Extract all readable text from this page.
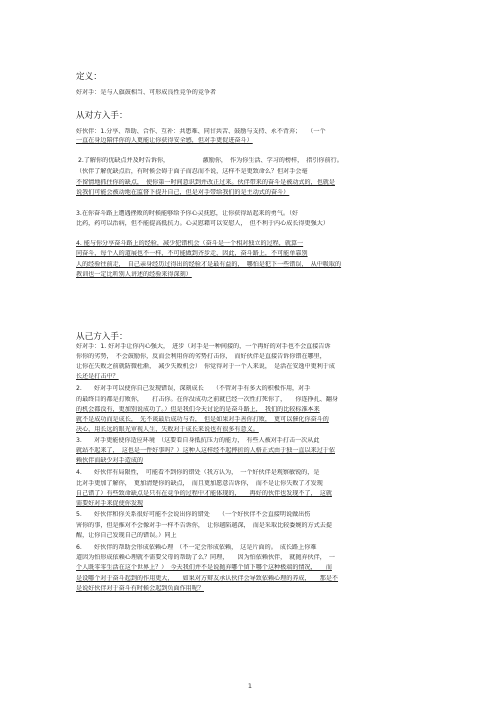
定义：
好对手：是与人旗鼓相当、可形成良性竞争的竞争者
从对方入手：
好伙伴：1.分享、帮助、合作、互补：共患难、同甘共苦、鼓励与支持、永不背弃；　　（一个
一直在身边陪伴你的人更能让你获得安全感，但对手更促进奋斗）
2.了解你的优缺点并及时告诉你，　　　　　　激励你，　作为你生活、学习的榜样，　指引你前行。
（伙伴了解优缺点后，有时候会碍于面子而忍而不说，这样不是更致命么？但对手会毫
不留情地抓住你的缺点，　使你第一时间意识到并改正过来。伙伴带来的奋斗是被动式的，也就是
说我们可能会被动地在监督下提升自己，但是对手带给我们的是主动式的奋斗）
3.在你奋斗路上遭遇挫败的时候能够给予你心灵抚慰，让你获得站起来的勇气。（好
比药，药可以治病，但不能提高抵抗力。心灵慰藉可以安慰人，　但不利于内心成长得更强大）
4. 能与你分享奋斗路上的经验，减少犯错机会（奋斗是一个相对独立的过程，就算一
同奋斗，每个人的道展也不一样，不可能做到齐步走，因此，奋斗路上，不可能单靠别
人的经验往前走，　自己亲身经历过得出的经验才是最有益的，　哪怕是犯下一些错误，　从中吸取的
教训也一定比听别人讲述的经验来得深刻）
从己方入手：
好对手：1. 好对手让你内心强大，　进步（对手是一种间接的，一个再好的对手也不会直接告诉
你你的劣势，　不会鼓励你，反而会利用你的劣势打击你，　而好伙伴是直接告诉你错在哪里，
让你在失败之前就防微杜渐，　减少失败机会）　你觉得对于一个人来说，　是活在安逸中更利于成
长还是打击中？
2.　　好对手可以使你自己发现错误，深刻成长　　（不管对手有多大的积极作用，对手
的最终目的都是打败你，　　打击你。在你没成功之前就已经一次性打死你了，　　你连挣扎、翻身
的机会都没有，更加别说成功了。）但是我们今天讨论的是奋斗路上，　我们的比较标准本来
就不是成功而是成长，　先不谈最后成功与否，　但是如果对手善你打败，　更可以催化你奋斗的
决心，用长远的眼光审视人生，失败对于成长来说也有很多有意义。
3.　　对手更能使你适应环境　（这要看自身抵抗压力的能力，　有些人被对手打击一次从此
就站不起来了，　这也是一件好事吗？）这种人这样经不起摔折的人格正式由于独一直以来过于依
赖伙伴而缺少对手造成的
4.　　好伙伴有局限性，　可能看不到你的错处（我方认为，　一个好伙伴是观察敏锐的，是
比对手更加了解你，　更加清楚你的缺点，　而且更加愿意告诉你，　而不是让你失败了才发现
自己错了）有些致命缺点是只有在竞争的过程中才能体现的，　　再好的伙伴也发现不了，　这就
需要好对手来促使你发现
5.　　好伙伴和你关系很好可能不会说出你的错处　　（一个好伙伴不会直接明说做出伤
害你的事，但是推对不会像对手一样不告诉你，　让你越陷越深，　而是采取比较委婉的方式去提
醒，让你自己发现自己的错误。）同上
6.　　好伙伴的帮助会形成依赖心理　（不一定会形成依赖，　这是片面的。　成长路上你难
道因为怕形成依赖心理就不需要父母的帮助了么？同理，　　因为怕依赖伙伴，　就抛弃伙伴，　一
个人既零零生活在这个世界上？）　今天我们并不是说抛弃哪个留下哪个这种极端的情况，　　而
是设哪个对于奋斗起到的作用更大，　　如果对方辩友承认伙伴会导致依赖心理的养成，　　那是不
是说好伙伴对于奋斗有时候会起到负面作用呢？
1
